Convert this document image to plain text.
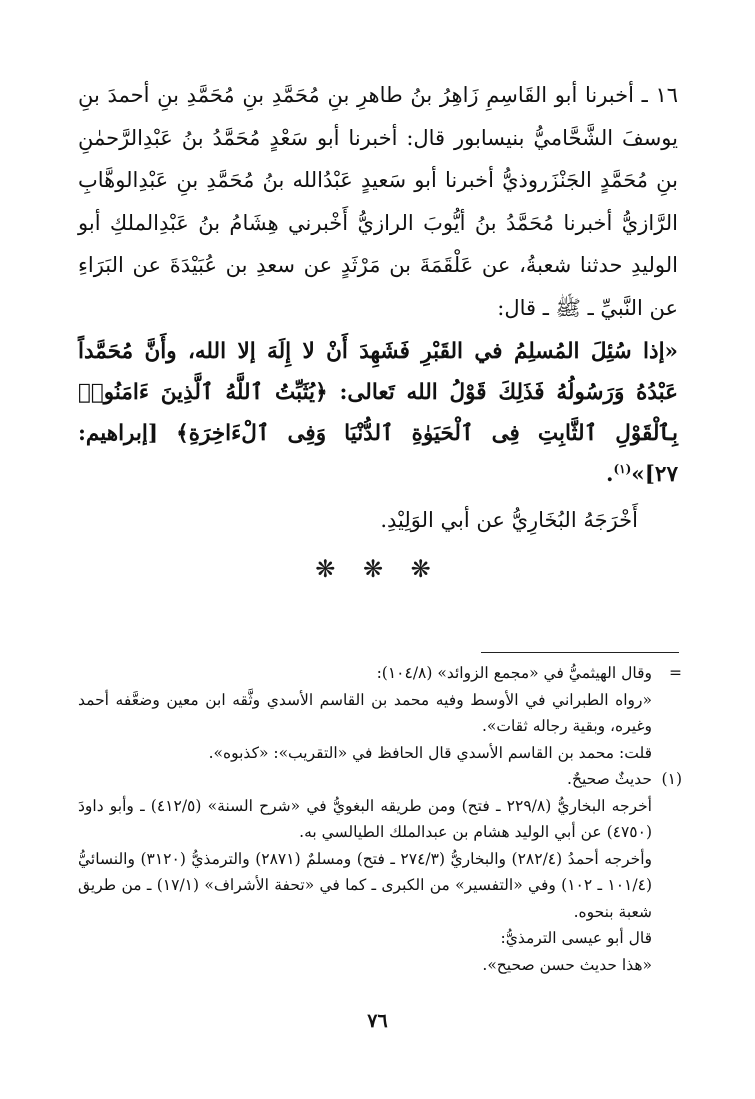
١٦ ـ أخبرنا أبو القَاسِمِ زَاهِرُ بنُ طاهرِ بنِ مُحَمَّدِ بنِ مُحَمَّدِ بنِ أحمدَ بنِ يوسفَ الشَّحَّاميُّ بنيسابور قال: أخبرنا أبو سَعْدٍ مُحَمَّدُ بنُ عَبْدِالرَّحمٰنِ بنِ مُحَمَّدٍ الجَنْزَروذيُّ أخبرنا أبو سَعيدٍ عَبْدُالله بنُ مُحَمَّدِ بنِ عَبْدِالوهَّابِ الرَّازيُّ أخبرنا مُحَمَّدُ بنُ أيُّوبَ الرازيُّ أَخْبرني هِشَامُ بنُ عَبْدِالملكِ أبو الوليدِ حدثنا شعبةُ، عن عَلْقَمَةَ بن مَرْثَدٍ عن سعدِ بن عُبَيْدَةَ عن البَرَاءِ عن النَّبيِّ ـ ﷺ ـ قال:

«إذا سُئِلَ المُسلِمُ في القَبْرِ فَشَهِدَ أَنْ لا إِلَهَ إلا الله، وأَنَّ مُحَمَّداً عَبْدُهُ وَرَسُولُهُ فَذَلِكَ قَوْلُ الله تَعالى: ﴿يُثَبِّتُ ٱللَّهُ ٱلَّذِينَ ءَامَنُوا۟ بِٱلْقَوْلِ ٱلثَّابِتِ فِى ٱلْحَيَوٰةِ ٱلدُّنْيَا وَفِى ٱلْءَاخِرَةِ﴾ [إبراهيم: ٢٧]»$^{(١)}$.

أَخْرَجَهُ البُخَارِيُّ عن أبي الوَلِيْدِ.

❋ ❋ ❋

=

وقال الهيثميُّ في «مجمع الزوائد» (١٠٤/٨):

«رواه الطبراني في الأوسط وفيه محمد بن القاسم الأسدي وثَّقه ابن معين وضعَّفه أحمد وغيره، وبقية رجاله ثقات».

قلت: محمد بن القاسم الأسدي قال الحافظ في «التقريب»: «كذبوه».

(١)

حديثٌ صحيحٌ.

أخرجه البخاريُّ (٢٢٩/٨ ـ فتح) ومن طريقه البغويُّ في «شرح السنة» (٤١٢/٥) ـ وأبو داودَ (٤٧٥٠) عن أبي الوليد هشام بن عبدالملك الطيالسي به.

وأخرجه أحمدُ (٢٨٢/٤) والبخاريُّ (٢٧٤/٣ ـ فتح) ومسلمٌ (٢٨٧١) والترمذيُّ (٣١٢٠) والنسائيُّ (١٠١/٤ ـ ١٠٢) وفي «التفسير» من الكبرى ـ كما في «تحفة الأشراف» (١٧/١) ـ من طريق شعبة بنحوه.

قال أبو عيسى الترمذيُّ:

«هذا حديث حسن صحيح».

٧٦
